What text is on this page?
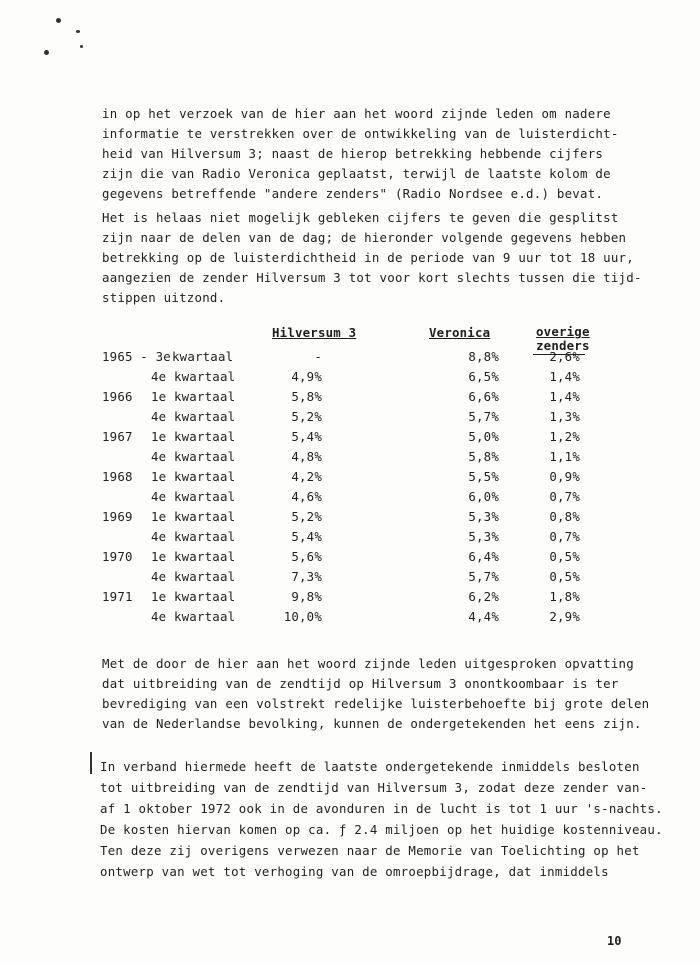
in op het verzoek van de hier aan het woord zijnde leden om nadere

informatie te verstrekken over de ontwikkeling van de luisterdicht-

heid van Hilversum 3; naast de hierop betrekking hebbende cijfers

zijn die van Radio Veronica geplaatst, terwijl de laatste kolom de

gegevens betreffende "andere zenders" (Radio Nordsee e.d.) bevat.

Het is helaas niet mogelijk gebleken cijfers te geven die gesplitst

zijn naar de delen van de dag; de hieronder volgende gegevens hebben

betrekking op de luisterdichtheid in de periode van 9 uur tot 18 uur,

aangezien de zender Hilversum 3 tot voor kort slechts tussen die tijd-

stippen uitzond.

Hilversum 3	Veronica	overige
zenders
1965 - 3e kwartaal	-	8,8%	2,6%
4e kwartaal	4,9%	6,5%	1,4%
1966 1e kwartaal	5,8%	6,6%	1,4%
4e kwartaal	5,2%	5,7%	1,3%
1967 1e kwartaal	5,4%	5,0%	1,2%
4e kwartaal	4,8%	5,8%	1,1%
1968 1e kwartaal	4,2%	5,5%	0,9%
4e kwartaal	4,6%	6,0%	0,7%
1969 1e kwartaal	5,2%	5,3%	0,8%
4e kwartaal	5,4%	5,3%	0,7%
1970 1e kwartaal	5,6%	6,4%	0,5%
4e kwartaal	7,3%	5,7%	0,5%
1971 1e kwartaal	9,8%	6,2%	1,8%
4e kwartaal	10,0%	4,4%	2,9%

Met de door de hier aan het woord zijnde leden uitgesproken opvatting

dat uitbreiding van de zendtijd op Hilversum 3 onontkoombaar is ter

bevrediging van een volstrekt redelijke luisterbehoefte bij grote delen

van de Nederlandse bevolking, kunnen de ondergetekenden het eens zijn.

In verband hiermede heeft de laatste ondergetekende inmiddels besloten

tot uitbreiding van de zendtijd van Hilversum 3, zodat deze zender van-

af 1 oktober 1972 ook in de avonduren in de lucht is tot 1 uur 's-nachts.

De kosten hiervan komen op ca. ƒ 2.4 miljoen op het huidige kostenniveau.

Ten deze zij overigens verwezen naar de Memorie van Toelichting op het

ontwerp van wet tot verhoging van de omroepbijdrage, dat inmiddels

10
